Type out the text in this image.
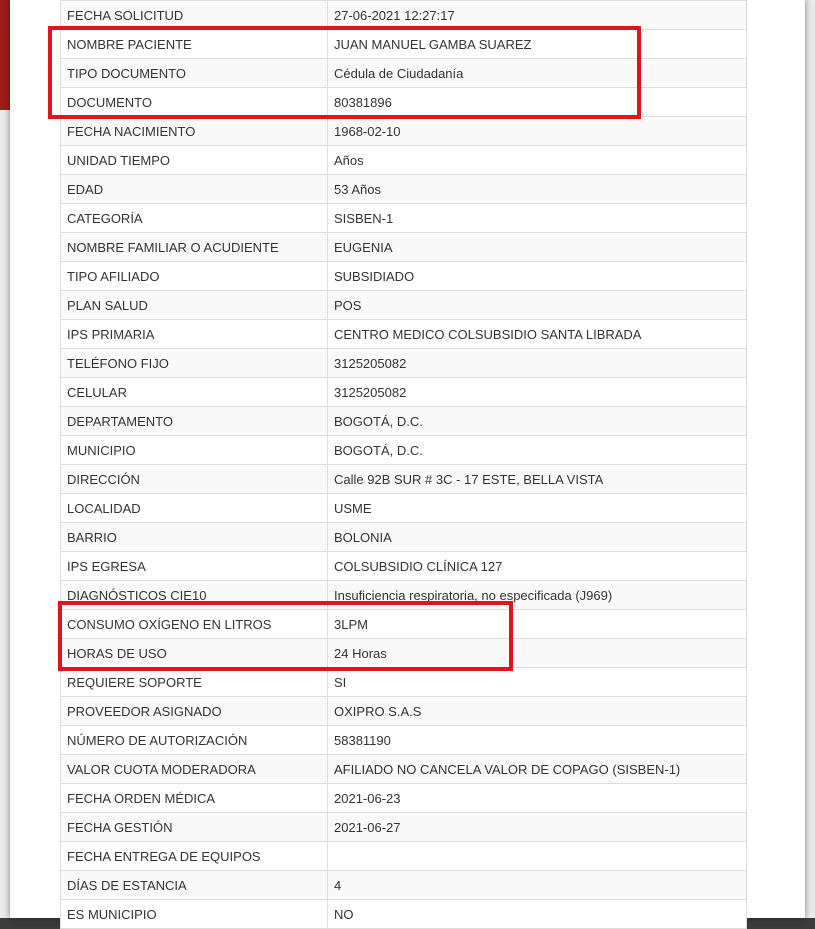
FECHA SOLICITUD	27-06-2021 12:27:17
NOMBRE PACIENTE	JUAN MANUEL GAMBA SUAREZ
TIPO DOCUMENTO	Cédula de Ciudadanía
DOCUMENTO	80381896
FECHA NACIMIENTO	1968-02-10
UNIDAD TIEMPO	Años
EDAD	53 Años
CATEGORÍA	SISBEN-1
NOMBRE FAMILIAR O ACUDIENTE	EUGENIA
TIPO AFILIADO	SUBSIDIADO
PLAN SALUD	POS
IPS PRIMARIA	CENTRO MEDICO COLSUBSIDIO SANTA LIBRADA
TELÉFONO FIJO	3125205082
CELULAR	3125205082
DEPARTAMENTO	BOGOTÁ, D.C.
MUNICIPIO	BOGOTÁ, D.C.
DIRECCIÓN	Calle 92B SUR # 3C - 17 ESTE, BELLA VISTA
LOCALIDAD	USME
BARRIO	BOLONIA
IPS EGRESA	COLSUBSIDIO CLÍNICA 127
DIAGNÓSTICOS CIE10	Insuficiencia respiratoria, no especificada (J969)
CONSUMO OXÍGENO EN LITROS	3LPM
HORAS DE USO	24 Horas
REQUIERE SOPORTE	SI
PROVEEDOR ASIGNADO	OXIPRO S.A.S
NÚMERO DE AUTORIZACIÓN	58381190
VALOR CUOTA MODERADORA	AFILIADO NO CANCELA VALOR DE COPAGO (SISBEN-1)
FECHA ORDEN MÉDICA	2021-06-23
FECHA GESTIÓN	2021-06-27
FECHA ENTREGA DE EQUIPOS	
DÍAS DE ESTANCIA	4
ES MUNICIPIO	NO
